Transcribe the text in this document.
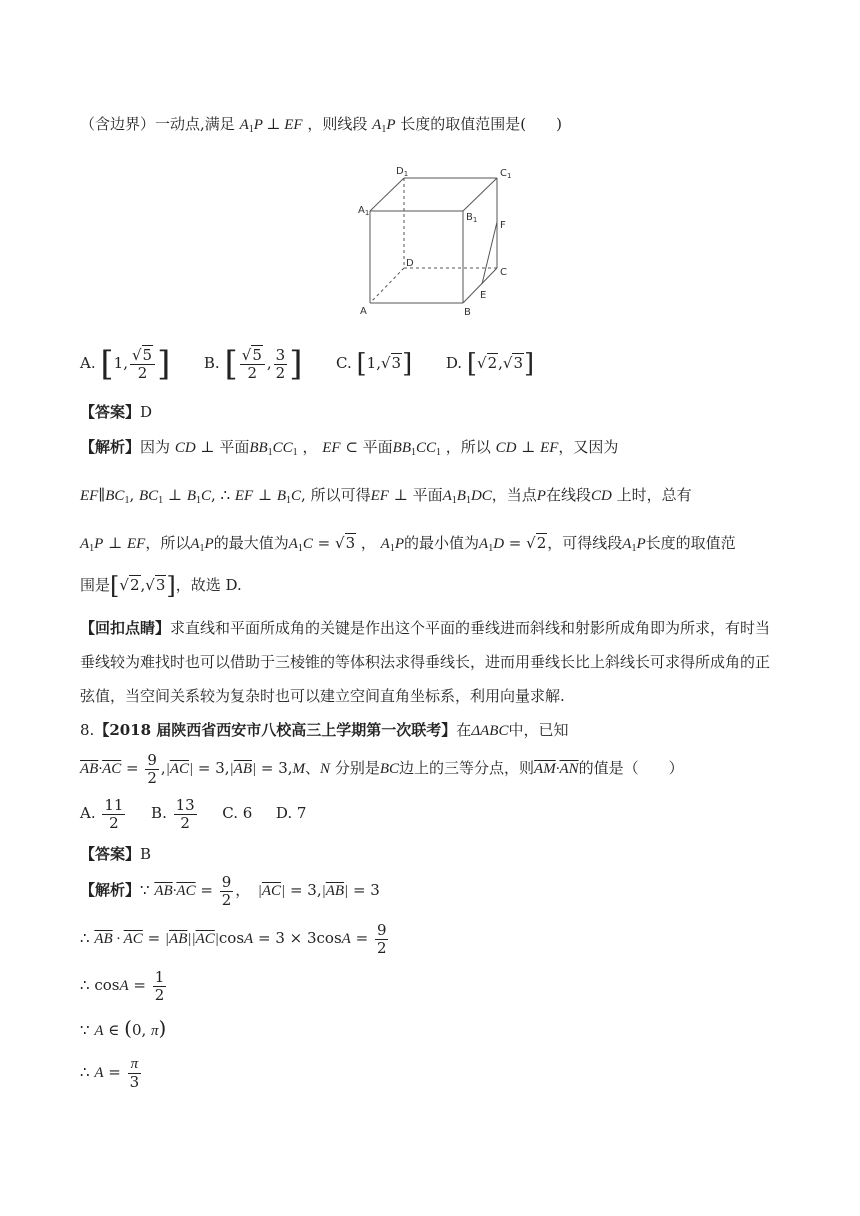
（含边界）一动点,满足 $A_1P$ ⊥ EF ，则线段 $A_1P$ 长度的取值范围是(　　)
$D_1$	$C_1$
$A_1$	$B_1$ F
D
C
E
A	B
A. [1, $\frac{√5}{2}$ ] B. [ $\frac{√5}{2}$ , $\frac{3}{2}$ ] C. [1,√3] D. [√2,√3]
【答案】D
【解析】因为 CD ⊥ 平面$BB_1CC_1$ ， EF ⊂ 平面$BB_1CC_1$ ，所以 CD ⊥ EF，又因为
$EF\parallel BC_1$, $BC_1$ ⊥ $B_1C$, ∴ EF ⊥ $B_1C$, 所以可得EF ⊥ 平面$A_1B_1DC$，当点P在线段CD 上时，总有
$A_1P$ ⊥ EF，所以$A_1P$的最大值为$A_1C = √3$ ， $A_1P$的最小值为$A_1D = √2$，可得线段$A_1P$长度的取值范
围是[√2,√3]，故选 D.
【回扣点睛】求直线和平面所成角的关键是作出这个平面的垂线进而斜线和射影所成角即为所求，有时当
垂线较为难找时也可以借助于三棱锥的等体积法求得垂线长，进而用垂线长比上斜线长可求得所成角的正
弦值，当空间关系较为复杂时也可以建立空间直角坐标系，利用向量求解.
8.【2018 届陕西省西安市八校高三上学期第一次联考】在ΔABC中，已知
$\overline{AB}\cdot\overline{AC} = \frac{9}{2} ,|\overline{AC}| = 3,|\overline{AB}| = 3,M$、N 分别是BC边上的三等分点，则$\overline{AM}\cdot\overline{AN}$的值是（　　）
A. $\frac{11}{2} B$. $\frac{13}{2} C$. 6 D. 7
【答案】B
【解析】∵ $\overline{AB}\cdot\overline{AC} = \frac{9}{2}$ ，　$|\overline{AC}| = 3,|\overline{AB}| = 3$
∴ $\overline{AB} \cdot \overline{AC} = |\overline{AB}||\overline{AC}|\cos A = 3 \times 3\cos A = \frac{9}{2}$
∴ $\cos A = \frac{1}{2}$
∵ A ∈ (0, π)
∴ $A = \frac{\pi}{3}$
